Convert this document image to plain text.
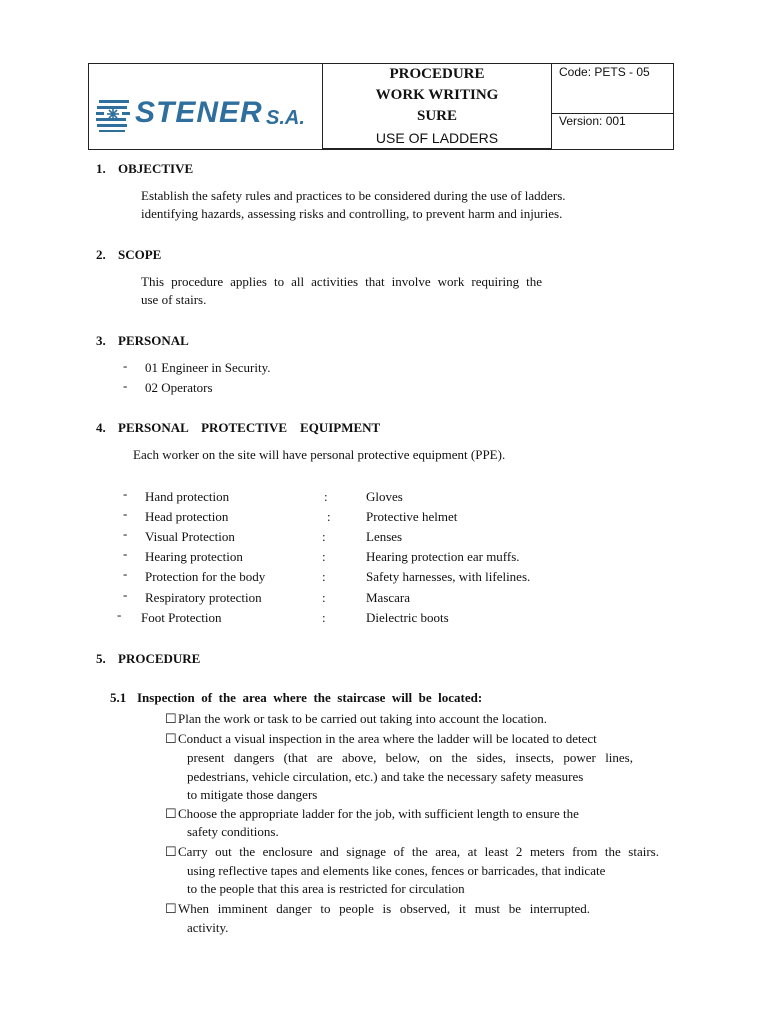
STENER S.A.
PROCEDURE
WORK WRITING
SURE
USE OF LADDERS
Code: PETS - 05
Version: 001
1. OBJECTIVE
Establish the safety rules and practices to be considered during the use of ladders.
identifying hazards, assessing risks and controlling, to prevent harm and injuries.
2. SCOPE
This procedure applies to all activities that involve work requiring the
use of stairs.
3. PERSONAL
- 01 Engineer in Security.
- 02 Operators
4. PERSONAL    PROTECTIVE    EQUIPMENT
Each worker on the site will have personal protective equipment (PPE).
- Hand protection	:	Gloves
- Head protection	:	Protective helmet
- Visual Protection	:	Lenses
- Hearing protection	:	Hearing protection ear muffs.
- Protection for the body	:	Safety harnesses, with lifelines.
- Respiratory protection	:	Mascara
- Foot Protection	:	Dielectric boots
5. PROCEDURE
5.1 Inspection  of  the  area  where  the  staircase  will  be  located:
☐ Plan the work or task to be carried out taking into account the location.
☐ Conduct a visual inspection in the area where the ladder will be located to detect
present dangers (that are above, below, on the sides, insects, power lines,
pedestrians, vehicle circulation, etc.) and take the necessary safety measures
to mitigate those dangers
☐ Choose the appropriate ladder for the job, with sufficient length to ensure the
safety conditions.
☐ Carry out the enclosure and signage of the area, at least 2 meters from the stairs.
using reflective tapes and elements like cones, fences or barricades, that indicate
to the people that this area is restricted for circulation
☐ When imminent danger to people is observed, it must be interrupted.
activity.
